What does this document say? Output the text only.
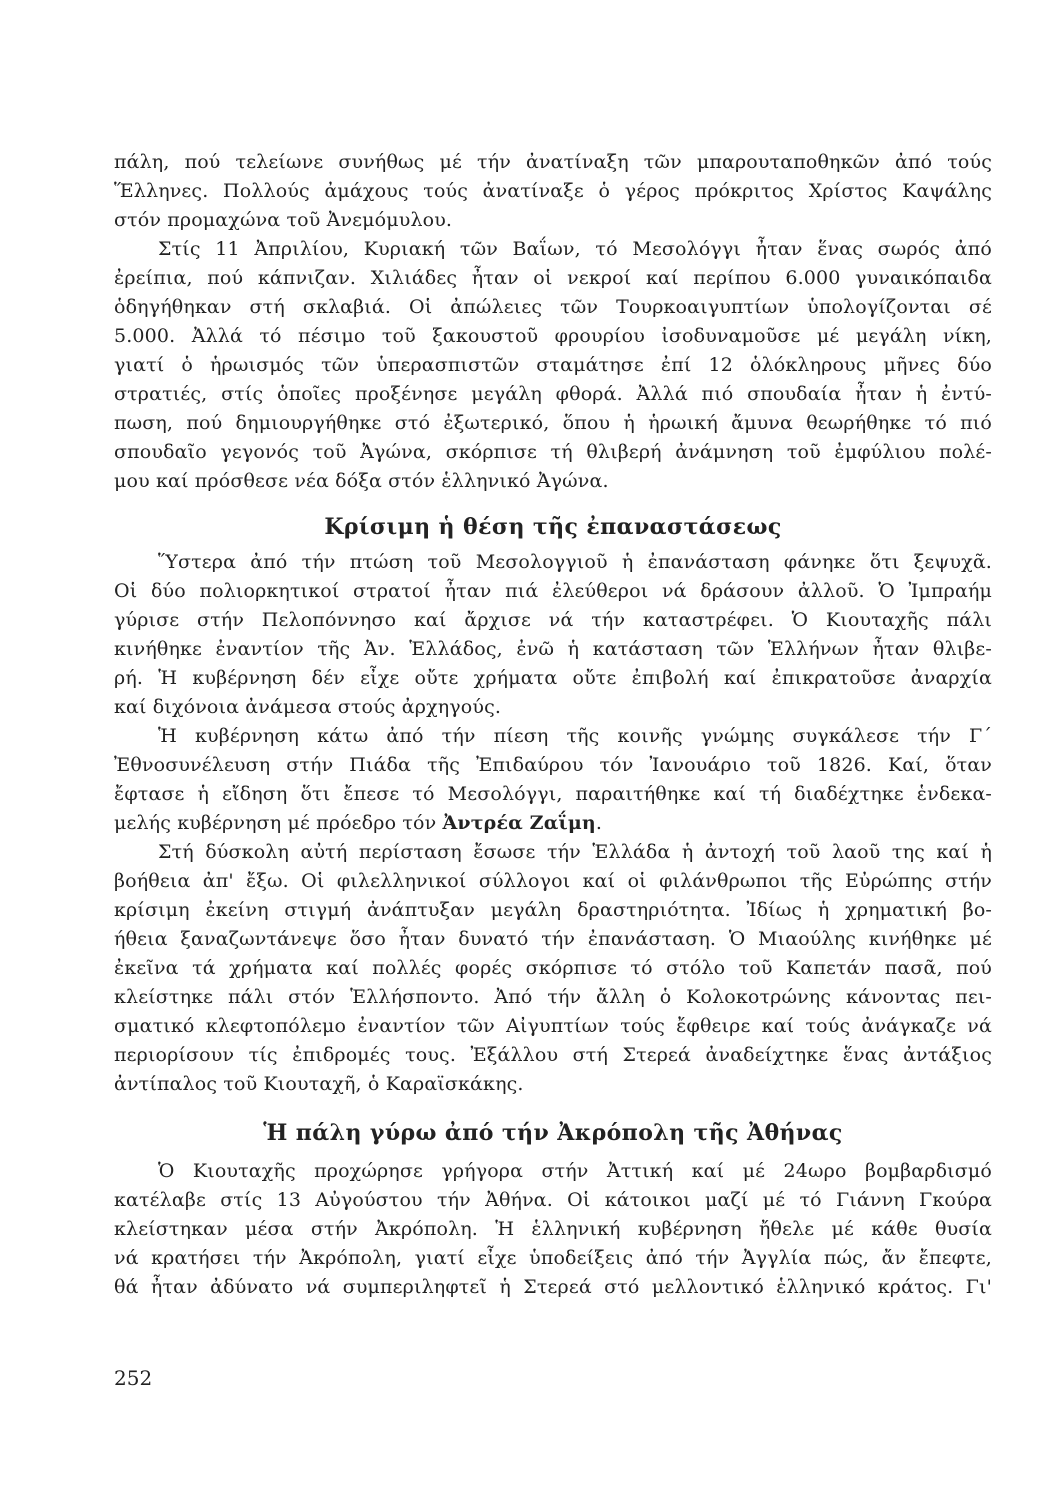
πάλη, πού τελείωνε συνήθως μέ τήν ἀνατίναξη τῶν μπαρουταποθηκῶν ἀπό τούς
Ἕλληνες. Πολλούς ἀμάχους τούς ἀνατίναξε ὁ γέρος πρόκριτος Χρίστος Καψάλης
στόν προμαχώνα τοῦ Ἀνεμόμυλου.
Στίς 11 Ἀπριλίου, Κυριακή τῶν Βαΐων, τό Μεσολόγγι ἦταν ἕνας σωρός ἀπό
ἐρείπια, πού κάπνιζαν. Χιλιάδες ἦταν οἱ νεκροί καί περίπου 6.000 γυναικόπαιδα
ὁδηγήθηκαν στή σκλαβιά. Οἱ ἀπώλειες τῶν Τουρκοαιγυπτίων ὑπολογίζονται σέ
5.000. Ἀλλά τό πέσιμο τοῦ ξακουστοῦ φρουρίου ἰσοδυναμοῦσε μέ μεγάλη νίκη,
γιατί ὁ ἡρωισμός τῶν ὑπερασπιστῶν σταμάτησε ἐπί 12 ὁλόκληρους μῆνες δύο
στρατιές, στίς ὁποῖες προξένησε μεγάλη φθορά. Ἀλλά πιό σπουδαία ἦταν ἡ ἐντύ-
πωση, πού δημιουργήθηκε στό ἐξωτερικό, ὅπου ἡ ἡρωική ἄμυνα θεωρήθηκε τό πιό
σπουδαῖο γεγονός τοῦ Ἀγώνα, σκόρπισε τή θλιβερή ἀνάμνηση τοῦ ἐμφύλιου πολέ-
μου καί πρόσθεσε νέα δόξα στόν ἑλληνικό Ἀγώνα.
Κρίσιμη ἡ θέση τῆς ἐπαναστάσεως
Ὕστερα ἀπό τήν πτώση τοῦ Μεσολογγιοῦ ἡ ἐπανάσταση φάνηκε ὅτι ξεψυχᾶ.
Οἱ δύο πολιορκητικοί στρατοί ἦταν πιά ἐλεύθεροι νά δράσουν ἀλλοῦ. Ὁ Ἰμπραήμ
γύρισε στήν Πελοπόννησο καί ἄρχισε νά τήν καταστρέφει. Ὁ Κιουταχῆς πάλι
κινήθηκε ἐναντίον τῆς Ἀν. Ἑλλάδος, ἐνῶ ἡ κατάσταση τῶν Ἑλλήνων ἦταν θλιβε-
ρή. Ἡ κυβέρνηση δέν εἶχε οὔτε χρήματα οὔτε ἐπιβολή καί ἐπικρατοῦσε ἀναρχία
καί διχόνοια ἀνάμεσα στούς ἀρχηγούς.
Ἡ κυβέρνηση κάτω ἀπό τήν πίεση τῆς κοινῆς γνώμης συγκάλεσε τήν Γ΄
Ἐθνοσυνέλευση στήν Πιάδα τῆς Ἐπιδαύρου τόν Ἰανουάριο τοῦ 1826. Καί, ὅταν
ἔφτασε ἡ εἴδηση ὅτι ἔπεσε τό Μεσολόγγι, παραιτήθηκε καί τή διαδέχτηκε ἑνδεκα-
μελής κυβέρνηση μέ πρόεδρο τόν Ἀντρέα Ζαΐμη.
Στή δύσκολη αὐτή περίσταση ἔσωσε τήν Ἑλλάδα ἡ ἀντοχή τοῦ λαοῦ της καί ἡ
βοήθεια ἀπ' ἔξω. Οἱ φιλελληνικοί σύλλογοι καί οἱ φιλάνθρωποι τῆς Εὐρώπης στήν
κρίσιμη ἐκείνη στιγμή ἀνάπτυξαν μεγάλη δραστηριότητα. Ἰδίως ἡ χρηματική βο-
ήθεια ξαναζωντάνεψε ὅσο ἦταν δυνατό τήν ἐπανάσταση. Ὁ Μιαούλης κινήθηκε μέ
ἐκεῖνα τά χρήματα καί πολλές φορές σκόρπισε τό στόλο τοῦ Καπετάν πασᾶ, πού
κλείστηκε πάλι στόν Ἑλλήσποντο. Ἀπό τήν ἄλλη ὁ Κολοκοτρώνης κάνοντας πει-
σματικό κλεφτοπόλεμο ἐναντίον τῶν Αἰγυπτίων τούς ἔφθειρε καί τούς ἀνάγκαζε νά
περιορίσουν τίς ἐπιδρομές τους. Ἐξάλλου στή Στερεά ἀναδείχτηκε ἕνας ἀντάξιος
ἀντίπαλος τοῦ Κιουταχῆ, ὁ Καραϊσκάκης.
Ἡ πάλη γύρω ἀπό τήν Ἀκρόπολη τῆς Ἀθήνας
Ὁ Κιουταχῆς προχώρησε γρήγορα στήν Ἀττική καί μέ 24ωρο βομβαρδισμό
κατέλαβε στίς 13 Αὐγούστου τήν Ἀθήνα. Οἱ κάτοικοι μαζί μέ τό Γιάννη Γκούρα
κλείστηκαν μέσα στήν Ἀκρόπολη. Ἡ ἑλληνική κυβέρνηση ἤθελε μέ κάθε θυσία
νά κρατήσει τήν Ἀκρόπολη, γιατί εἶχε ὑποδείξεις ἀπό τήν Ἀγγλία πώς, ἄν ἔπεφτε,
θά ἦταν ἀδύνατο νά συμπεριληφτεῖ ἡ Στερεά στό μελλοντικό ἑλληνικό κράτος. Γι'
252
